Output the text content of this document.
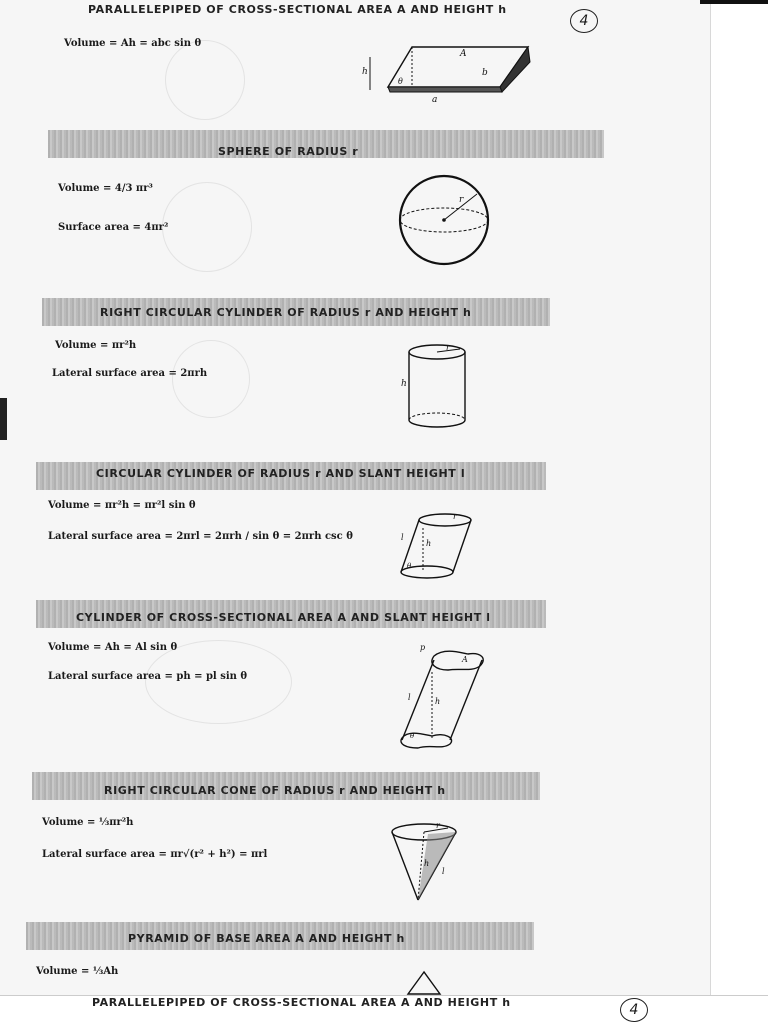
PARALLELEPIPED OF CROSS-SECTIONAL AREA A AND HEIGHT h
4
Volume = Ah = abc sin θ
h
θ
A
b
c
a
SPHERE OF RADIUS r
Volume = 4/3 πr³
Surface area = 4πr²
r
RIGHT CIRCULAR CYLINDER OF RADIUS r AND HEIGHT h
Volume = πr²h
Lateral surface area = 2πrh
r
h
CIRCULAR CYLINDER OF RADIUS r AND SLANT HEIGHT l
Volume = πr²h = πr²l sin θ
Lateral surface area = 2πrl = 2πrh / sin θ = 2πrh csc θ
r
l
h
θ
CYLINDER OF CROSS-SECTIONAL AREA A AND SLANT HEIGHT l
Volume = Ah = Al sin θ
Lateral surface area = ph = pl sin θ
p
A
l	h
θ
RIGHT CIRCULAR CONE OF RADIUS r AND HEIGHT h
Volume = ⅓πr²h
Lateral surface area = πr√(r² + h²) = πrl
r
h
l
PYRAMID OF BASE AREA A AND HEIGHT h
Volume = ⅓Ah
PARALLELEPIPED OF CROSS-SECTIONAL AREA A AND HEIGHT h	4
